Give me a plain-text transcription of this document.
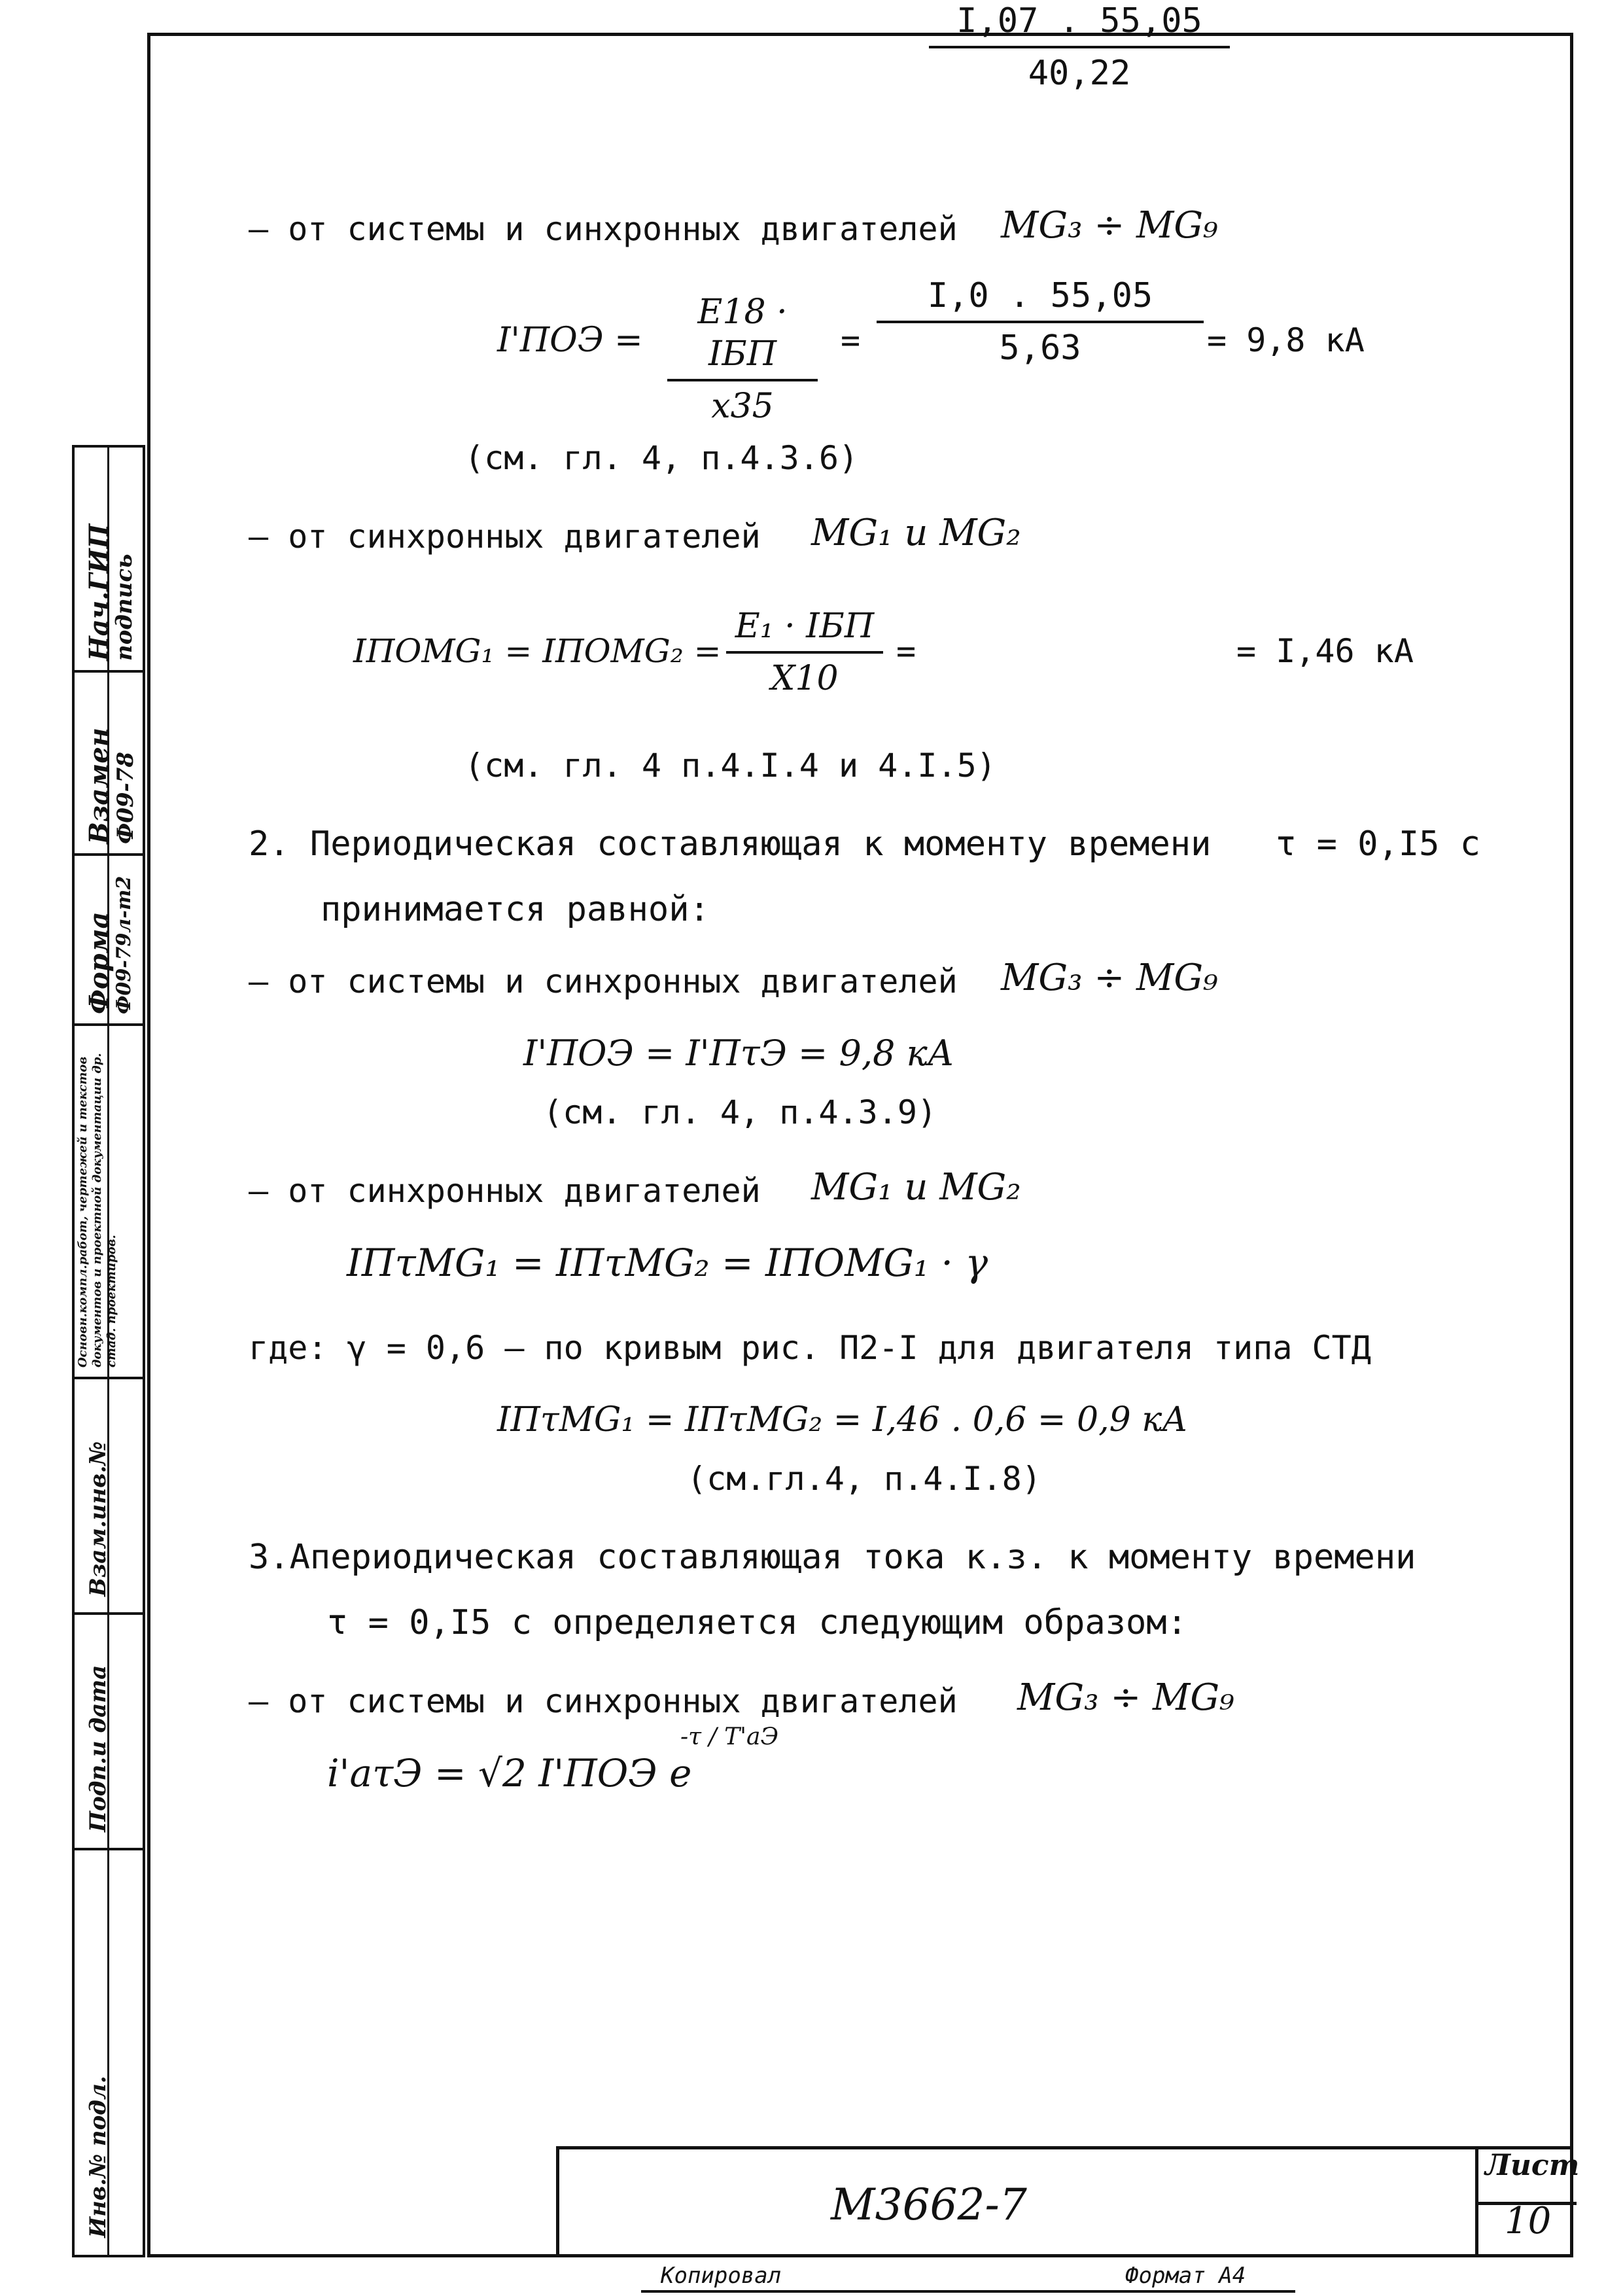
Нач.ГИП
подпись
Взамен
Ф09-78
Форма
Ф09-79л-т2
Основн.компл.работ, чертежей и текстов документов и проектной документации др. стад. проектиров.
Взам.инв.№
Подп.и дата
Инв.№ подл.
– от системы и синхронных двигателей MG₃ ÷ MG₉
I'ПОЭ =
E18 · IБП
x35
=
I,0 . 55,05
5,63	= 9,8 кА
(см. гл. 4, п.4.3.6)
– от синхронных двигателей MG₁ и MG₂
IПОMG₁ = IПОMG₂ =
E₁ · IБП
X10
=
I,07 . 55,05
40,22
= I,46 кА
(см. гл. 4 п.4.I.4 и 4.I.5)
2. Периодическая составляющая к моменту времени τ = 0,I5 с
принимается равной:
– от системы и синхронных двигателей MG₃ ÷ MG₉
I'ПОЭ = I'ПτЭ = 9,8 кА
(см. гл. 4, п.4.3.9)
– от синхронных двигателей MG₁ и MG₂
IПτMG₁ = IПτMG₂ = IПОMG₁ · γ
где: γ = 0,6 – по кривым рис. П2-I для двигателя типа СТД
IПτMG₁ = IПτMG₂ = I,46 . 0,6 = 0,9 кА
(см.гл.4, п.4.I.8)
3.Апериодическая составляющая тока к.з. к моменту времени
τ = 0,I5 с определяется следующим образом:
– от системы и синхронных двигателей MG₃ ÷ MG₉
i'aτЭ = √2 I'ПОЭ e
-τ / T'aЭ
М3662-7
Лист
10
Копировал	Формат А4
